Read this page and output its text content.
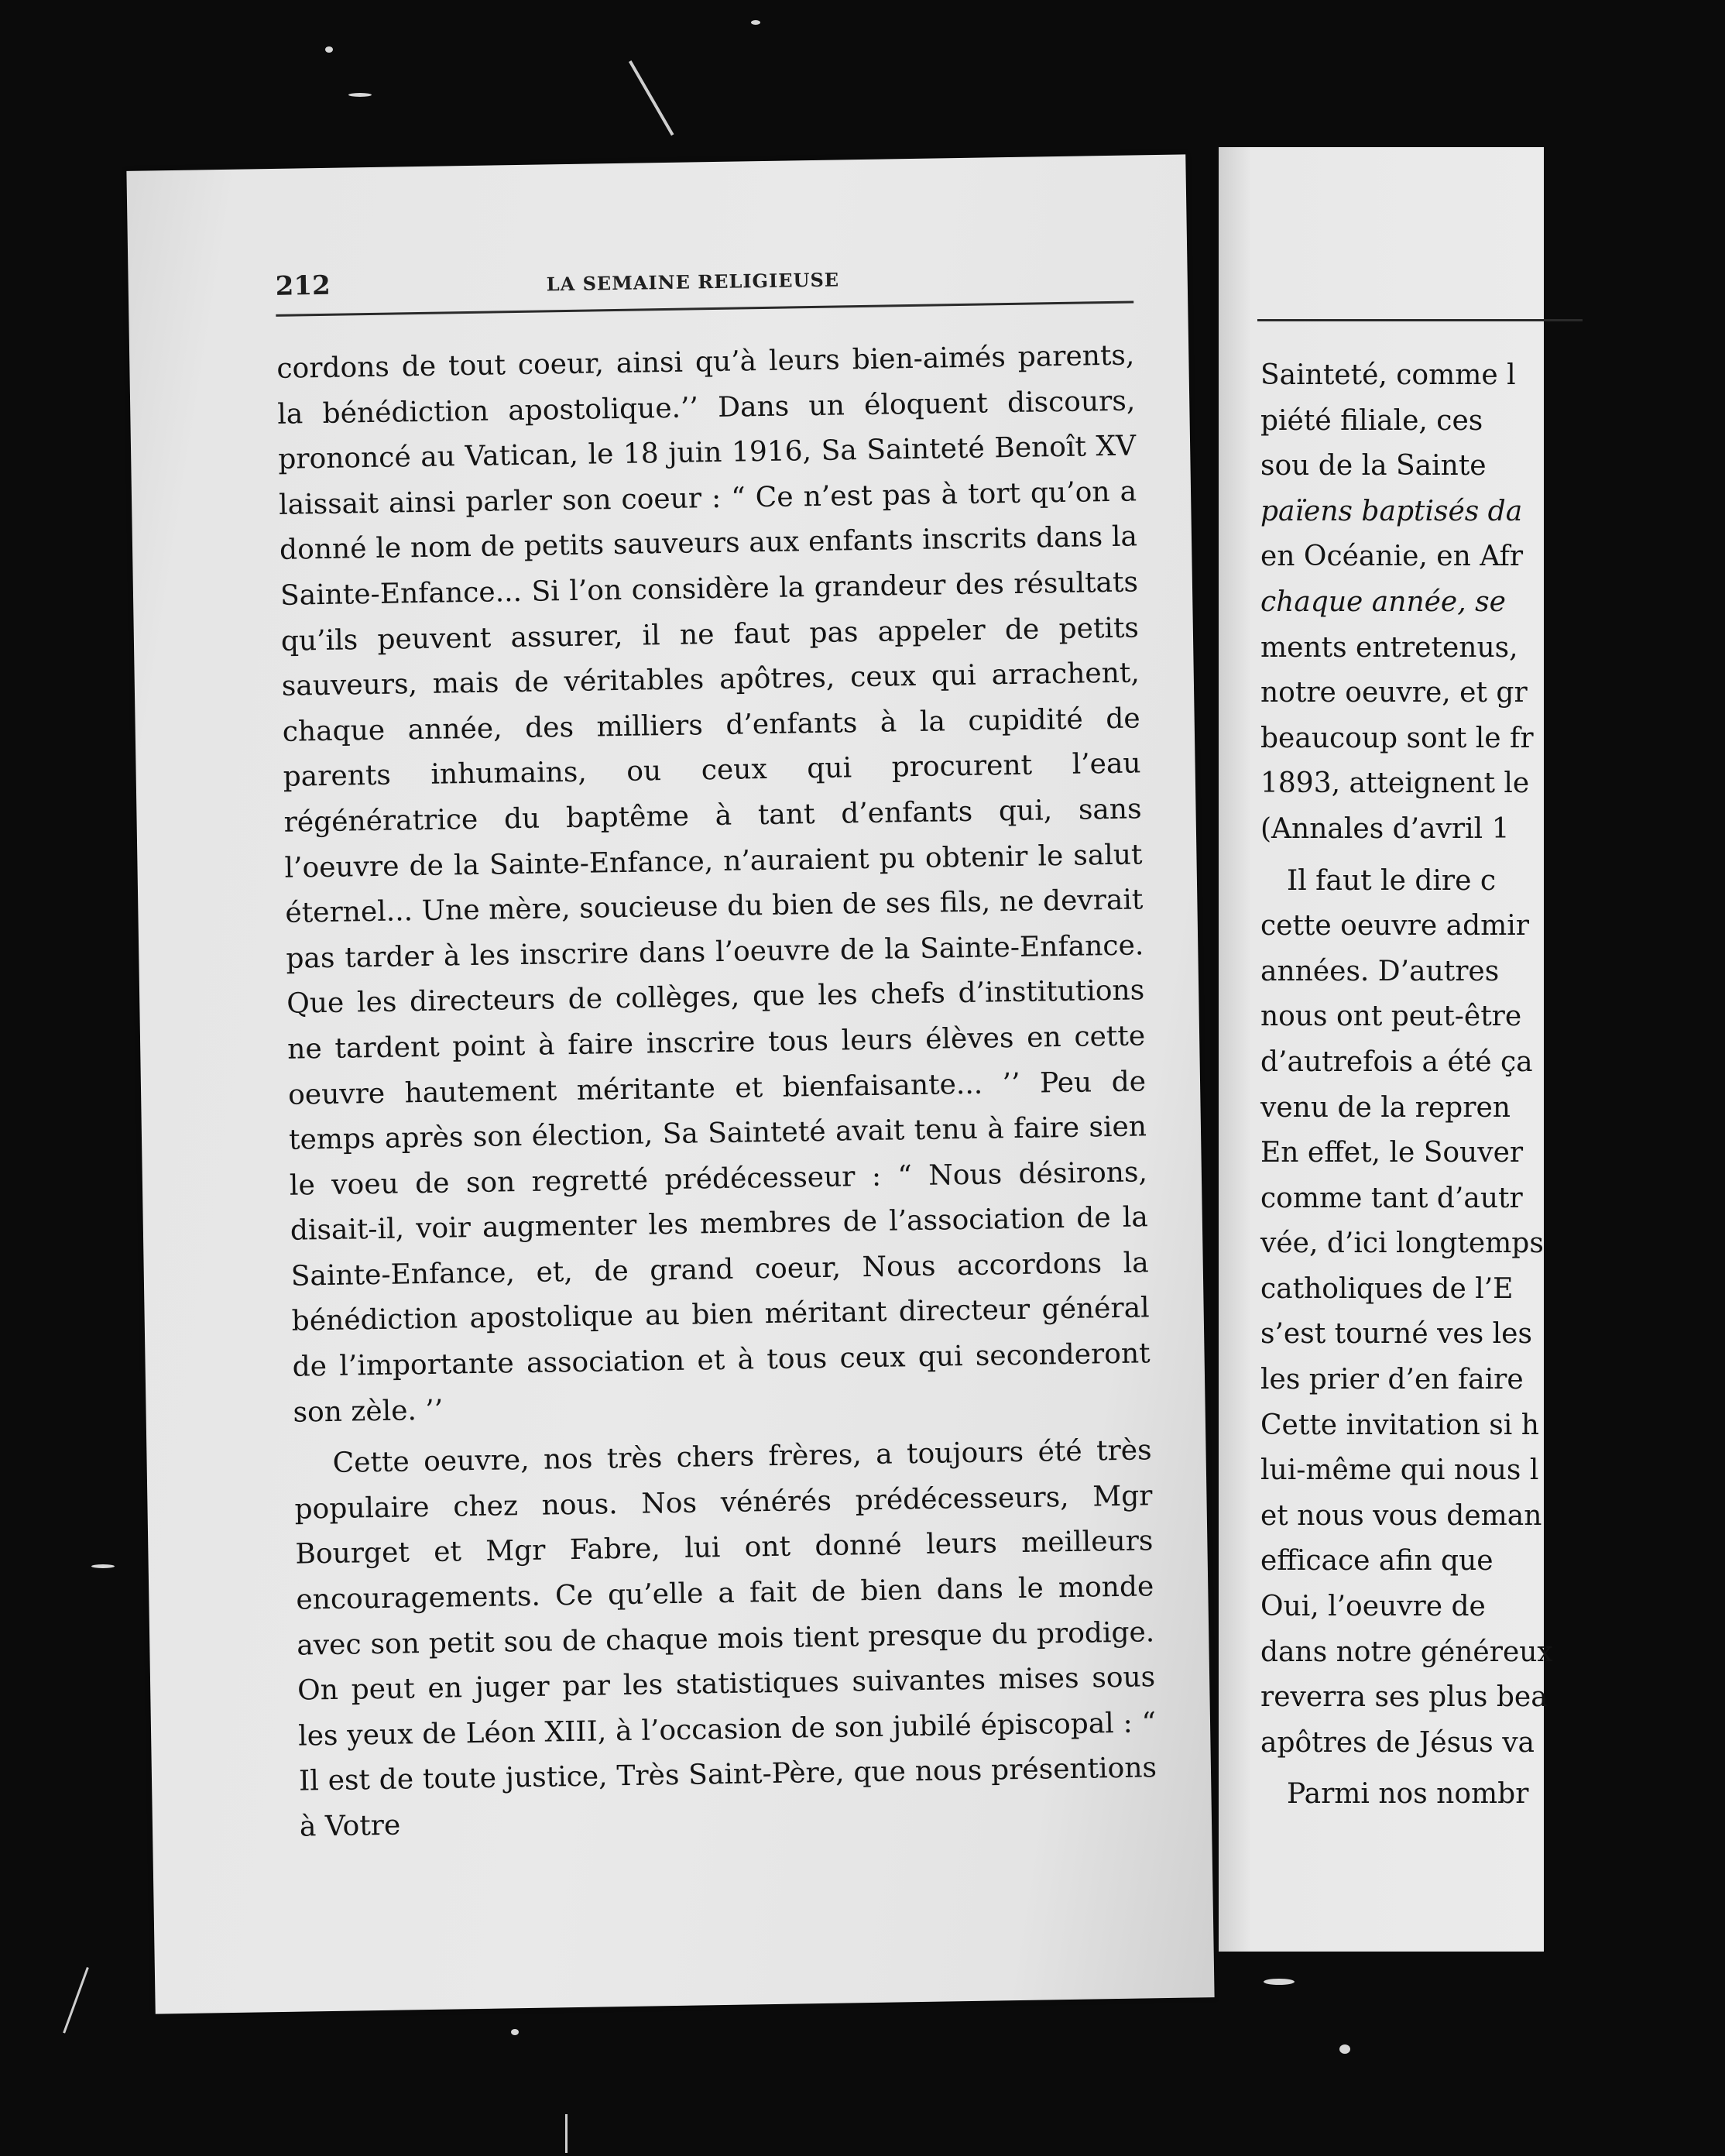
212	LA SEMAINE RELIGIEUSE

cordons de tout coeur, ainsi qu’à leurs bien-aimés parents, la bénédiction apostolique.’’ Dans un éloquent discours, prononcé au Vatican, le 18 juin 1916, Sa Sainteté Benoît XV laissait ainsi parler son coeur : “ Ce n’est pas à tort qu’on a donné le nom de petits sauveurs aux enfants inscrits dans la Sainte-Enfance... Si l’on considère la grandeur des résultats qu’ils peuvent assurer, il ne faut pas appeler de petits sauveurs, mais de véritables apôtres, ceux qui arrachent, chaque année, des milliers d’enfants à la cupidité de parents inhumains, ou ceux qui procurent l’eau régénératrice du baptême à tant d’enfants qui, sans l’oeuvre de la Sainte-Enfance, n’auraient pu obtenir le salut éternel... Une mère, soucieuse du bien de ses fils, ne devrait pas tarder à les inscrire dans l’oeuvre de la Sainte-Enfance. Que les directeurs de collèges, que les chefs d’institutions ne tardent point à faire inscrire tous leurs élèves en cette oeuvre hautement méritante et bienfaisante... ’’ Peu de temps après son élection, Sa Sainteté avait tenu à faire sien le voeu de son regretté prédécesseur : “ Nous désirons, disait-il, voir augmenter les membres de l’association de la Sainte-Enfance, et, de grand coeur, Nous accordons la bénédiction apostolique au bien méritant directeur général de l’importante association et à tous ceux qui seconderont son zèle. ’’

Cette oeuvre, nos très chers frères, a toujours été très populaire chez nous. Nos vénérés prédécesseurs, Mgr Bourget et Mgr Fabre, lui ont donné leurs meilleurs encouragements. Ce qu’elle a fait de bien dans le monde avec son petit sou de chaque mois tient presque du prodige. On peut en juger par les statistiques suivantes mises sous les yeux de Léon XIII, à l’occasion de son jubilé épiscopal : “ Il est de toute justice, Très Saint-Père, que nous présentions à Votre

Sainteté, comme l
piété filiale, ces
sou de la Sainte
païens baptisés da
en Océanie, en Afr
chaque année, se
ments entretenus,
notre oeuvre, et gr
beaucoup sont le fr
1893, atteignent le
(Annales d’avril 1
Il faut le dire c
cette oeuvre admir
années. D’autres
nous ont peut-être
d’autrefois a été ça
venu de la repren
En effet, le Souver
comme tant d’autr
vée, d’ici longtemps
catholiques de l’E
s’est tourné ves les
les prier d’en faire
Cette invitation si h
lui-même qui nous l
et nous vous deman
efficace afin que
Oui, l’oeuvre de
dans notre généreux
reverra ses plus bea
apôtres de Jésus va
Parmi nos nombr
